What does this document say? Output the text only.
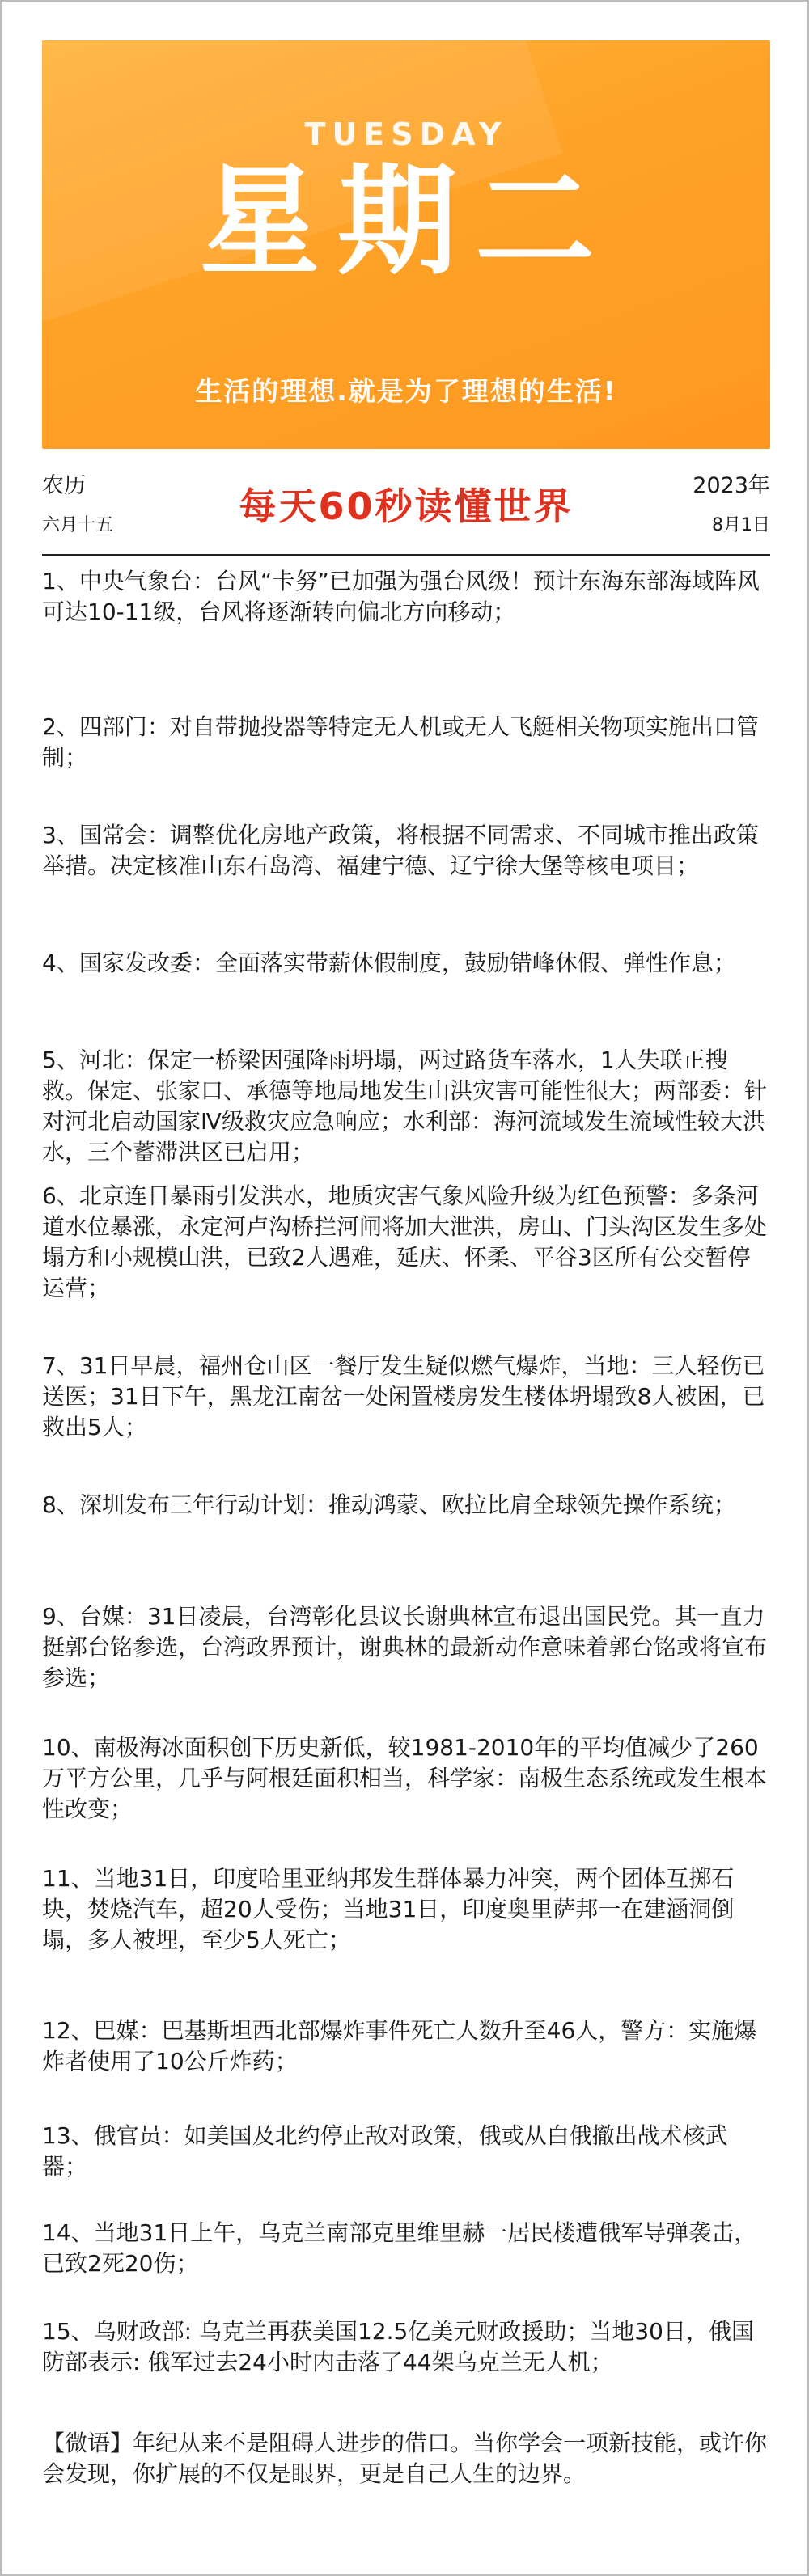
TUESDAY
星期二
生活的理想.就是为了理想的生活!
农历
六月十五	每天60秒读懂世界	2023年
8月1日

1、中央气象台：台风“卡努”已加强为强台风级！预计东海东部海域阵风可达10-11级，台风将逐渐转向偏北方向移动；

2、四部门：对自带抛投器等特定无人机或无人飞艇相关物项实施出口管制；

3、国常会：调整优化房地产政策，将根据不同需求、不同城市推出政策举措。决定核准山东石岛湾、福建宁德、辽宁徐大堡等核电项目；

4、国家发改委：全面落实带薪休假制度，鼓励错峰休假、弹性作息；

5、河北：保定一桥梁因强降雨坍塌，两过路货车落水，1人失联正搜救。保定、张家口、承德等地局地发生山洪灾害可能性很大；两部委：针对河北启动国家Ⅳ级救灾应急响应；水利部：海河流域发生流域性较大洪水，三个蓄滞洪区已启用；

6、北京连日暴雨引发洪水，地质灾害气象风险升级为红色预警：多条河道水位暴涨，永定河卢沟桥拦河闸将加大泄洪，房山、门头沟区发生多处塌方和小规模山洪，已致2人遇难，延庆、怀柔、平谷3区所有公交暂停运营；

7、31日早晨，福州仓山区一餐厅发生疑似燃气爆炸，当地：三人轻伤已送医；31日下午，黑龙江南岔一处闲置楼房发生楼体坍塌致8人被困，已救出5人；

8、深圳发布三年行动计划：推动鸿蒙、欧拉比肩全球领先操作系统；

9、台媒：31日凌晨，台湾彰化县议长谢典林宣布退出国民党。其一直力挺郭台铭参选，台湾政界预计，谢典林的最新动作意味着郭台铭或将宣布参选；

10、南极海冰面积创下历史新低，较1981-2010年的平均值减少了260万平方公里，几乎与阿根廷面积相当，科学家：南极生态系统或发生根本性改变；

11、当地31日，印度哈里亚纳邦发生群体暴力冲突，两个团体互掷石块，焚烧汽车，超20人受伤；当地31日，印度奥里萨邦一在建涵洞倒塌，多人被埋，至少5人死亡；

12、巴媒：巴基斯坦西北部爆炸事件死亡人数升至46人，警方：实施爆炸者使用了10公斤炸药；

13、俄官员：如美国及北约停止敌对政策，俄或从白俄撤出战术核武器；

14、当地31日上午，乌克兰南部克里维里赫一居民楼遭俄军导弹袭击，已致2死20伤；

15、乌财政部: 乌克兰再获美国12.5亿美元财政援助；当地30日，俄国防部表示: 俄军过去24小时内击落了44架乌克兰无人机；

【微语】年纪从来不是阻碍人进步的借口。当你学会一项新技能，或许你会发现，你扩展的不仅是眼界，更是自己人生的边界。
